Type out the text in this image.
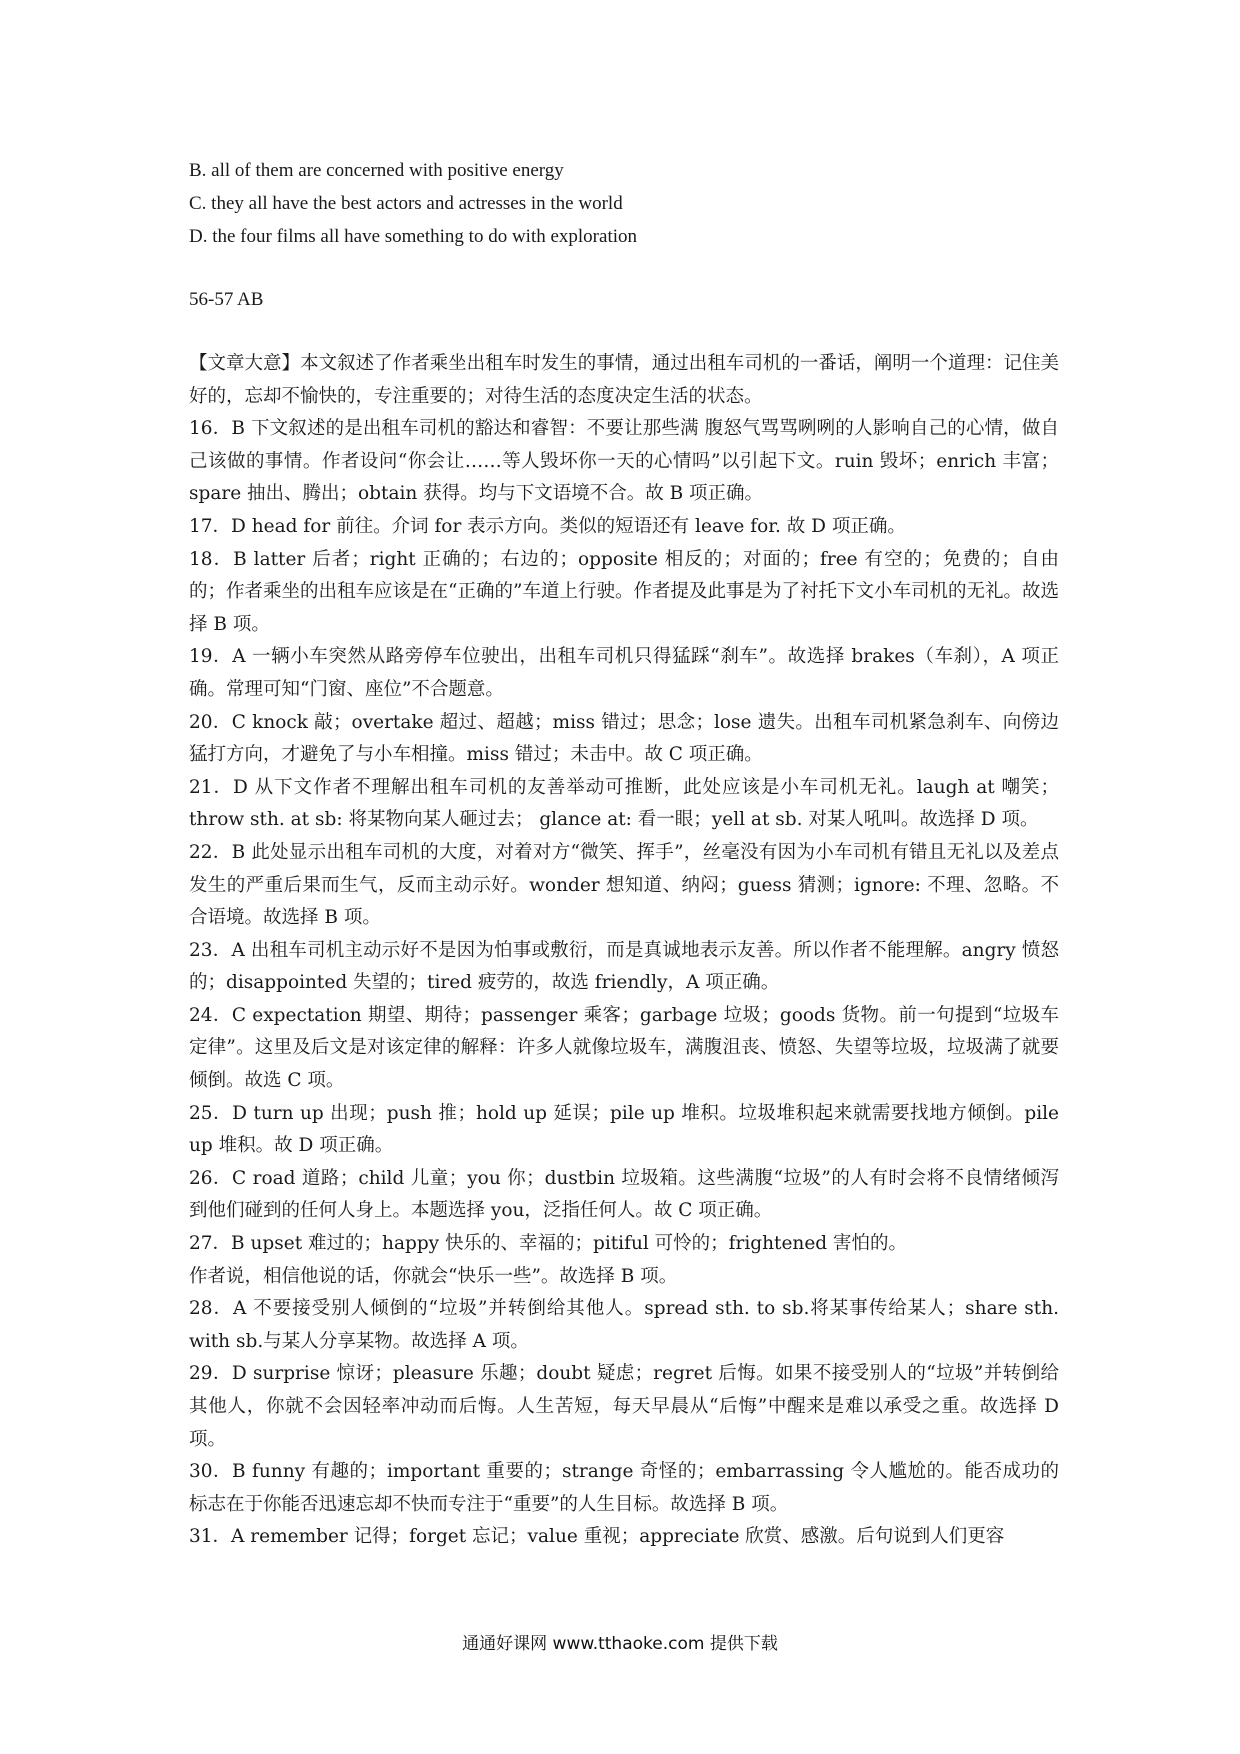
B. all of them are concerned with positive energy
C. they all have the best actors and actresses in the world
D. the four films all have something to do with exploration
56-57 AB

【文章大意】本文叙述了作者乘坐出租车时发生的事情，通过出租车司机的一番话，阐明一个道理：记住美好的，忘却不愉快的，专注重要的；对待生活的态度决定生活的状态。

16．B 下文叙述的是出租车司机的豁达和睿智：不要让那些满 腹怒气骂骂咧咧的人影响自己的心情，做自己该做的事情。作者设问“你会让……等人毁坏你一天的心情吗”以引起下文。ruin 毁坏；enrich 丰富；spare 抽出、腾出；obtain 获得。均与下文语境不合。故 B 项正确。

17．D head for 前往。介词 for 表示方向。类似的短语还有 leave for. 故 D 项正确。

18．B latter 后者；right 正确的；右边的；opposite 相反的；对面的；free 有空的；免费的；自由的；作者乘坐的出租车应该是在“正确的”车道上行驶。作者提及此事是为了衬托下文小车司机的无礼。故选择 B 项。

19．A 一辆小车突然从路旁停车位驶出，出租车司机只得猛踩“刹车”。故选择 brakes（车刹），A 项正确。常理可知“门窗、座位”不合题意。

20．C knock 敲；overtake 超过、超越；miss 错过；思念；lose 遗失。出租车司机紧急刹车、向傍边猛打方向，才避免了与小车相撞。miss 错过；未击中。故 C 项正确。

21．D 从下文作者不理解出租车司机的友善举动可推断，此处应该是小车司机无礼。laugh at 嘲笑；throw sth. at sb: 将某物向某人砸过去； glance at: 看一眼；yell at sb. 对某人吼叫。故选择 D 项。

22．B 此处显示出租车司机的大度，对着对方“微笑、挥手”，丝毫没有因为小车司机有错且无礼以及差点发生的严重后果而生气，反而主动示好。wonder 想知道、纳闷；guess 猜测；ignore: 不理、忽略。不合语境。故选择 B 项。

23．A 出租车司机主动示好不是因为怕事或敷衍，而是真诚地表示友善。所以作者不能理解。angry 愤怒的；disappointed 失望的；tired 疲劳的，故选 friendly，A 项正确。

24．C expectation 期望、期待；passenger 乘客；garbage 垃圾；goods 货物。前一句提到“垃圾车定律”。这里及后文是对该定律的解释：许多人就像垃圾车，满腹沮丧、愤怒、失望等垃圾，垃圾满了就要倾倒。故选 C 项。

25．D turn up 出现；push 推；hold up 延误；pile up 堆积。垃圾堆积起来就需要找地方倾倒。pile up 堆积。故 D 项正确。

26．C road 道路；child 儿童；you 你；dustbin 垃圾箱。这些满腹“垃圾”的人有时会将不良情绪倾泻到他们碰到的任何人身上。本题选择 you，泛指任何人。故 C 项正确。

27．B upset 难过的；happy 快乐的、幸福的；pitiful 可怜的；frightened 害怕的。

作者说，相信他说的话，你就会“快乐一些”。故选择 B 项。

28．A 不要接受别人倾倒的“垃圾”并转倒给其他人。spread sth. to sb.将某事传给某人；share sth. with sb.与某人分享某物。故选择 A 项。

29．D surprise 惊讶；pleasure 乐趣；doubt 疑虑；regret 后悔。如果不接受别人的“垃圾”并转倒给其他人，你就不会因轻率冲动而后悔。人生苦短，每天早晨从“后悔”中醒来是难以承受之重。故选择 D 项。

30．B funny 有趣的；important 重要的；strange 奇怪的；embarrassing 令人尴尬的。能否成功的标志在于你能否迅速忘却不快而专注于“重要”的人生目标。故选择 B 项。

31．A remember 记得；forget 忘记；value 重视；appreciate 欣赏、感激。后句说到人们更容

通通好课网 www.tthaoke.com 提供下载
